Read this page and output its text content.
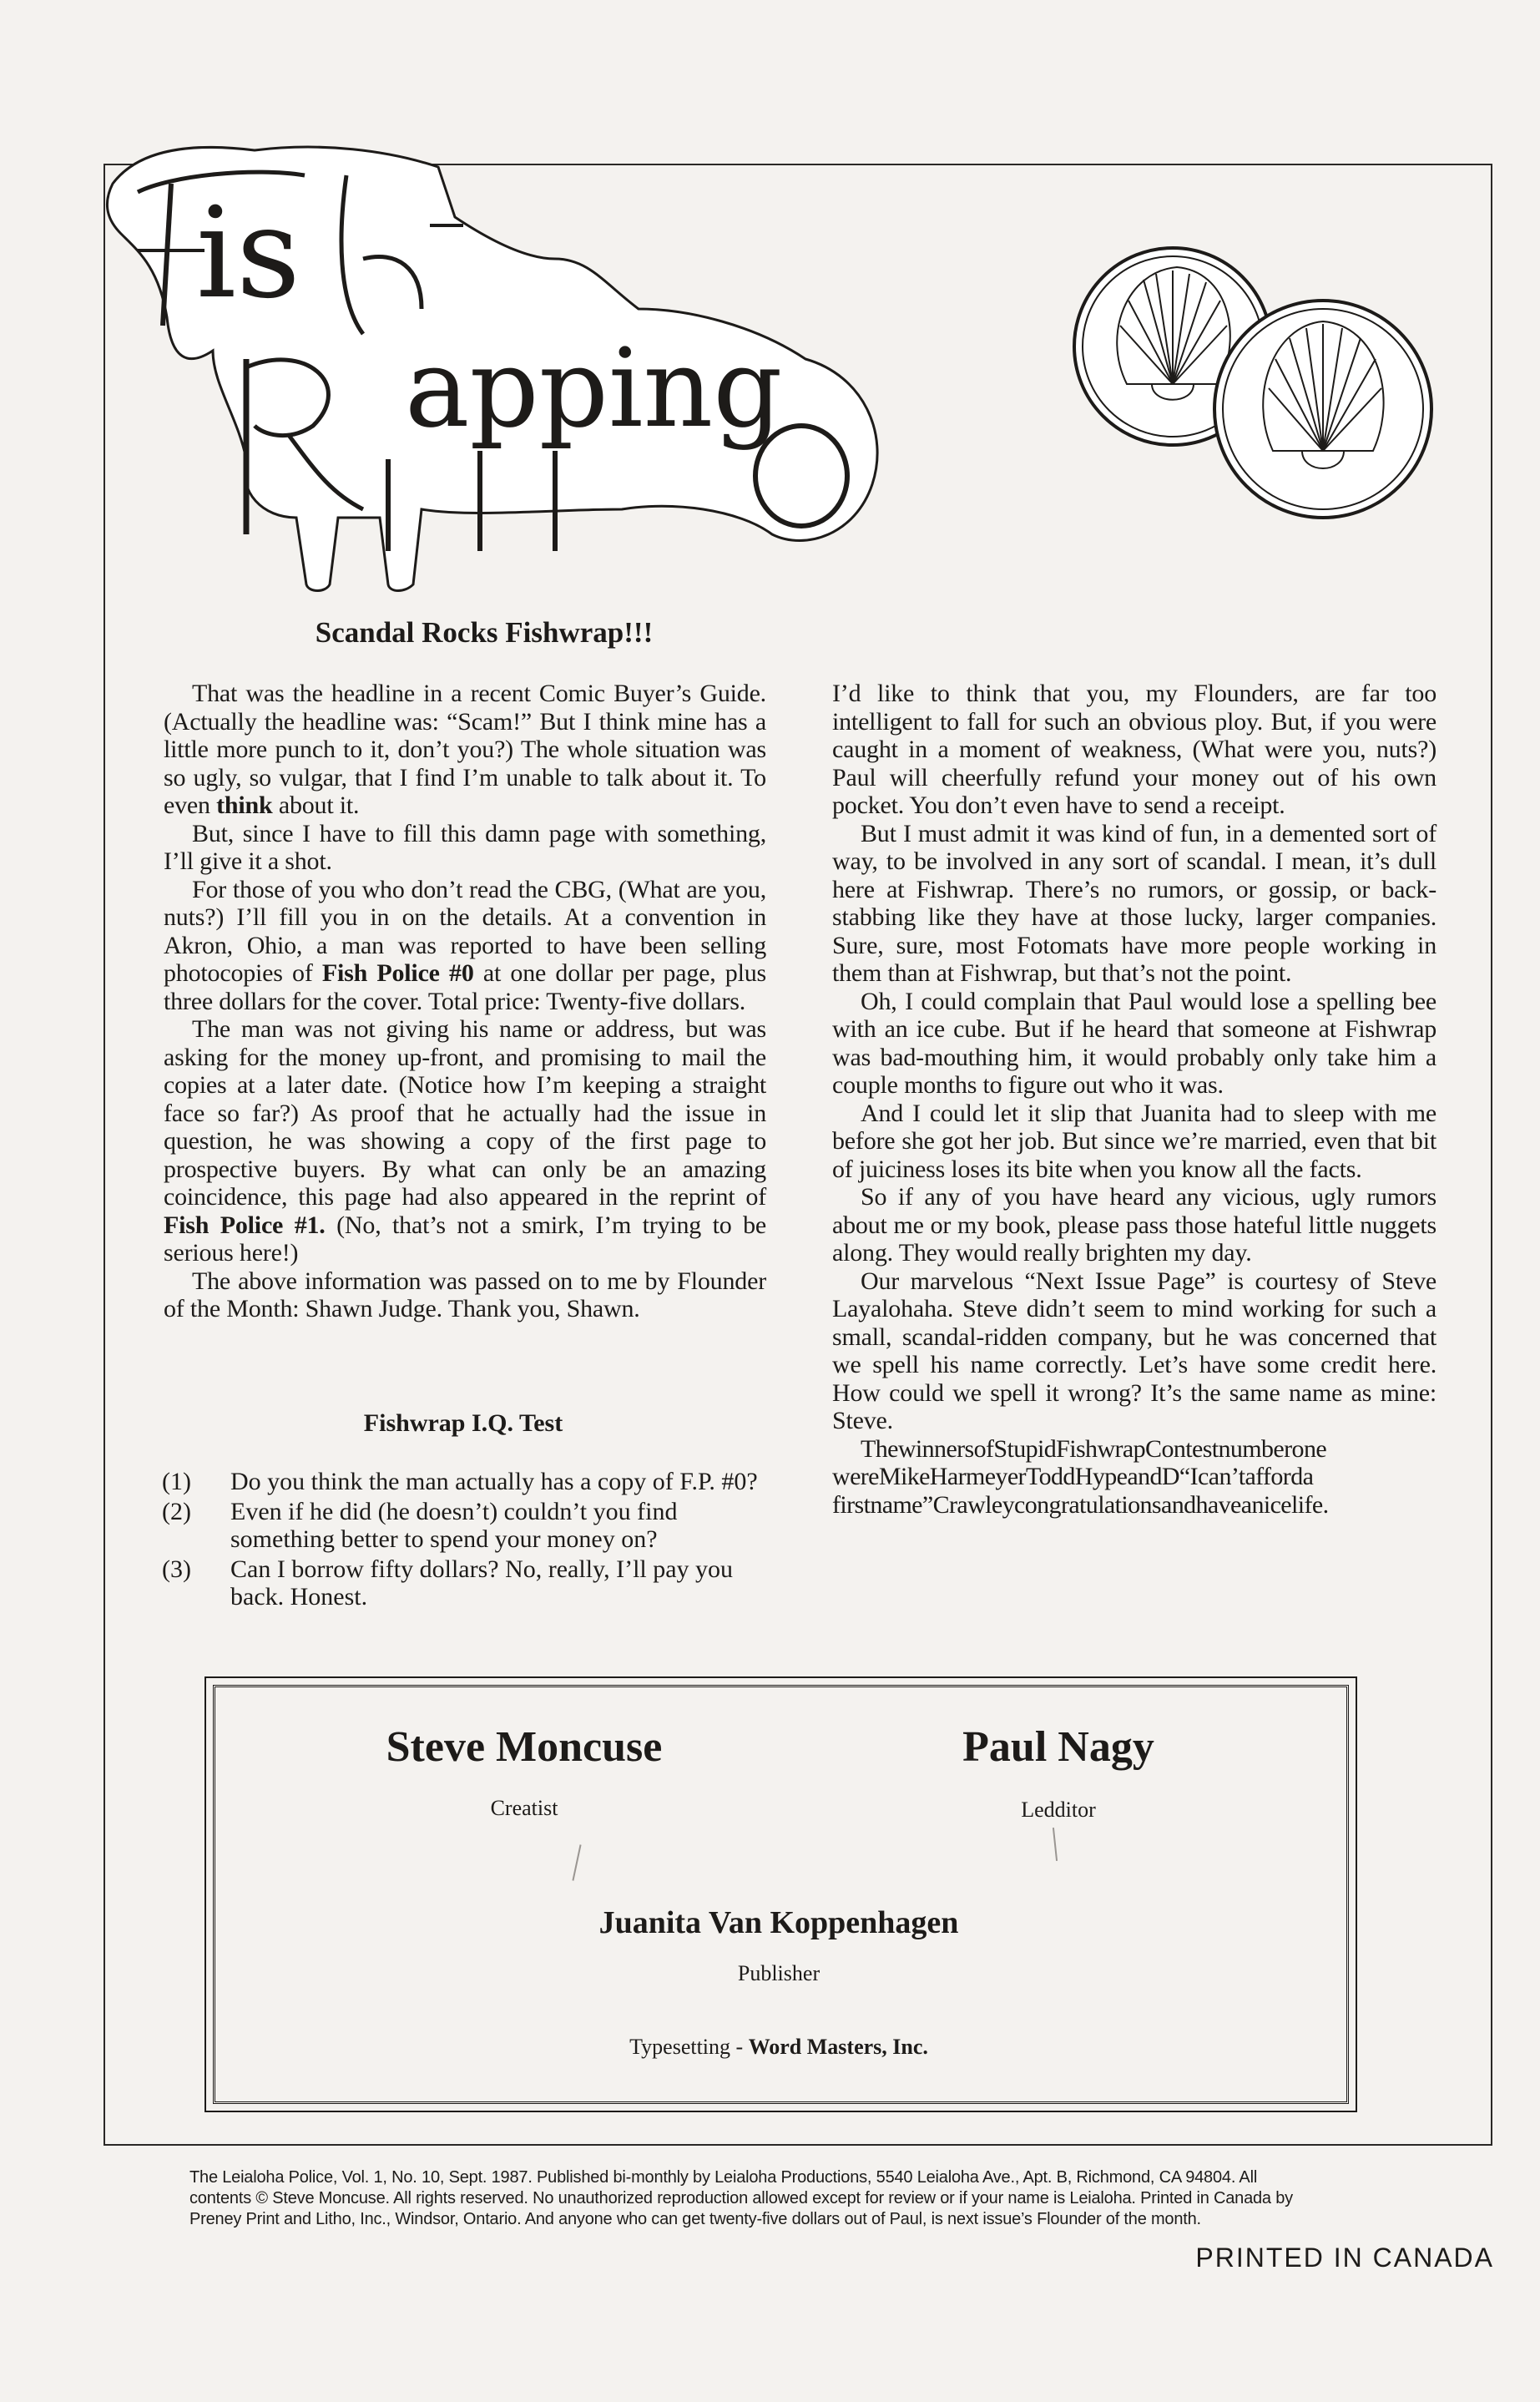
is
apping
Scandal Rocks Fishwrap!!!

That was the headline in a recent Comic Buyer’s Guide. (Actually the headline was: “Scam!” But I think mine has a little more punch to it, don’t you?) The whole situation was so ugly, so vulgar, that I find I’m unable to talk about it. To even think about it.

But, since I have to fill this damn page with something, I’ll give it a shot.

For those of you who don’t read the CBG, (What are you, nuts?) I’ll fill you in on the details. At a convention in Akron, Ohio, a man was reported to have been selling photocopies of Fish Police #0 at one dollar per page, plus three dollars for the cover. Total price: Twenty-five dollars.

The man was not giving his name or address, but was asking for the money up-front, and promising to mail the copies at a later date. (Notice how I’m keeping a straight face so far?) As proof that he actually had the issue in question, he was showing a copy of the first page to prospective buyers. By what can only be an amazing coincidence, this page had also appeared in the reprint of Fish Police #1. (No, that’s not a smirk, I’m trying to be serious here!)

The above information was passed on to me by Flounder of the Month: Shawn Judge. Thank you, Shawn.

Fishwrap I.Q. Test
(1)	Do you think the man actually has a copy of F.P. #0?
(2)	Even if he did (he doesn’t) couldn’t you find something better to spend your money on?
(3)	Can I borrow fifty dollars? No, really, I’ll pay you back. Honest.

I’d like to think that you, my Flounders, are far too intelligent to fall for such an obvious ploy. But, if you were caught in a moment of weakness, (What were you, nuts?) Paul will cheerfully refund your money out of his own pocket. You don’t even have to send a receipt.

But I must admit it was kind of fun, in a demented sort of way, to be involved in any sort of scandal. I mean, it’s dull here at Fishwrap. There’s no rumors, or gossip, or back-stabbing like they have at those lucky, larger companies. Sure, sure, most Fotomats have more people working in them than at Fishwrap, but that’s not the point.

Oh, I could complain that Paul would lose a spelling bee with an ice cube. But if he heard that someone at Fishwrap was bad-mouthing him, it would probably only take him a couple months to figure out who it was.

And I could let it slip that Juanita had to sleep with me before she got her job. But since we’re married, even that bit of juiciness loses its bite when you know all the facts.

So if any of you have heard any vicious, ugly rumors about me or my book, please pass those hateful little nuggets along. They would really brighten my day.

Our marvelous “Next Issue Page” is courtesy of Steve Layalohaha. Steve didn’t seem to mind working for such a small, scandal-ridden company, but he was concerned that we spell his name correctly. Let’s have some credit here. How could we spell it wrong? It’s the same name as mine: Steve.

ThewinnersofStupidFishwrapContestnumberone
wereMikeHarmeyerToddHypeandD“Ican’tafforda
firstname”Crawleycongratulationsandhaveanicelife.

Steve Moncuse
Creatist
Paul Nagy
Ledditor
Juanita Van Koppenhagen
Publisher
Typesetting - Word Masters, Inc.

The Leialoha Police, Vol. 1, No. 10, Sept. 1987. Published bi-monthly by Leialoha Productions, 5540 Leialoha Ave., Apt. B, Richmond, CA 94804. All
contents © Steve Moncuse. All rights reserved. No unauthorized reproduction allowed except for review or if your name is Leialoha. Printed in Canada by
Preney Print and Litho, Inc., Windsor, Ontario. And anyone who can get twenty-five dollars out of Paul, is next issue’s Flounder of the month.

PRINTED IN CANADA
